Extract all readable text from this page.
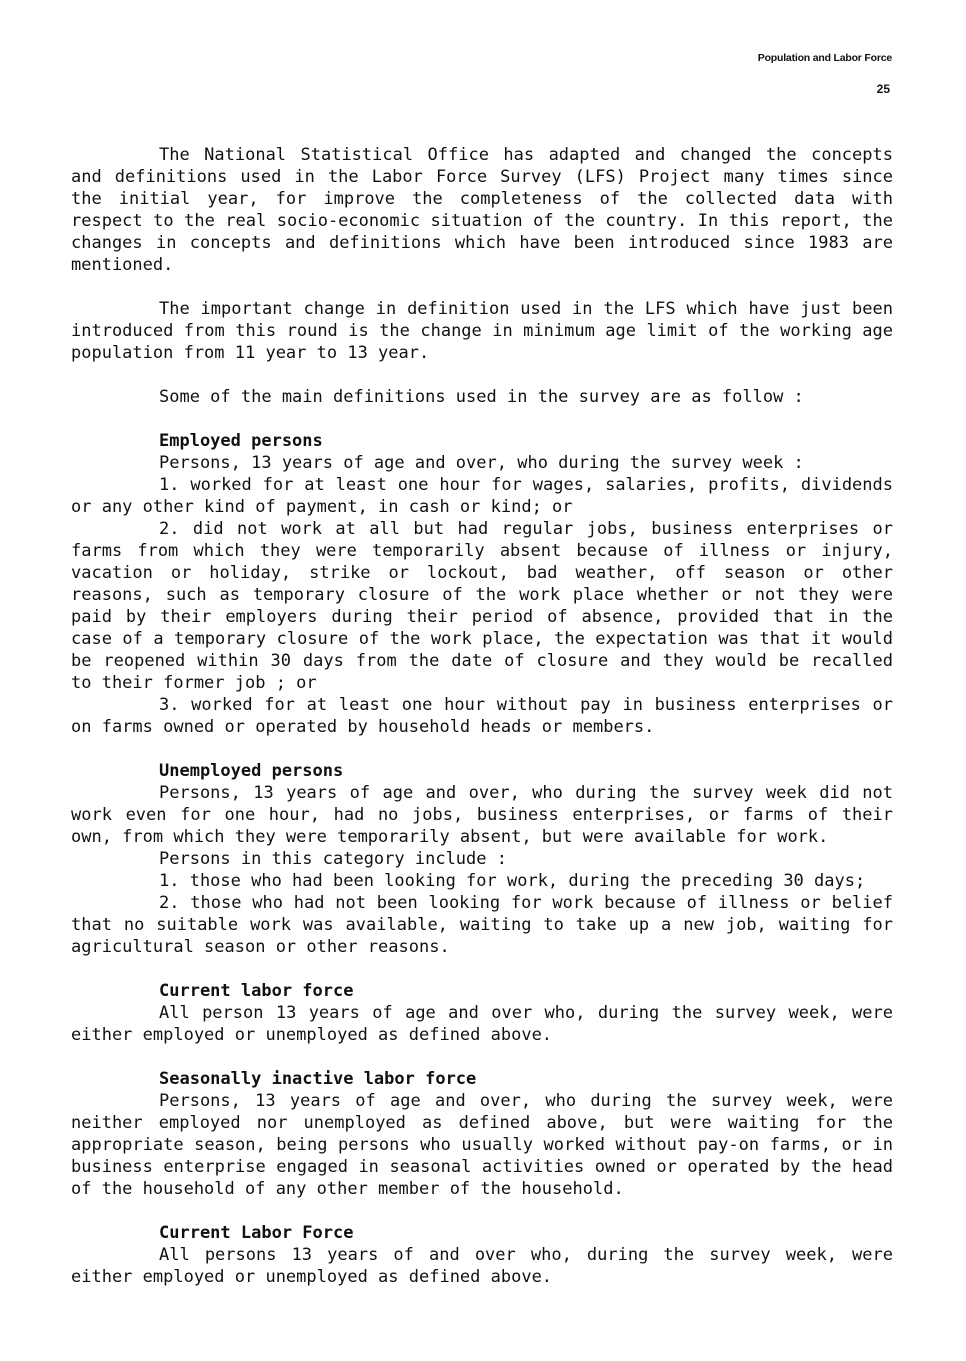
Population and Labor Force
25

The National Statistical Office has adapted and changed the concepts and definitions used in the Labor Force Survey (LFS) Project many times since the initial year, for improve the completeness of the collected data with respect to the real socio-economic situation of the country. In this report, the changes in concepts and definitions which have been introduced since 1983 are mentioned.

The important change in definition used in the LFS which have just been introduced from this round is the change in minimum age limit of the working age population from 11 year to 13 year.

Some of the main definitions used in the survey are as follow :

Employed persons

Persons, 13 years of age and over, who during the survey week :

1. worked for at least one hour for wages, salaries, profits, dividends or any other kind of payment, in cash or kind; or

2. did not work at all but had regular jobs, business enterprises or farms from which they were temporarily absent because of illness or injury, vacation or holiday, strike or lockout, bad weather, off season or other reasons, such as temporary closure of the work place whether or not they were paid by their employers during their period of absence, provided that in the case of a temporary closure of the work place, the expectation was that it would be reopened within 30 days from the date of closure and they would be recalled to their former job ; or

3. worked for at least one hour without pay in business enterprises or on farms owned or operated by household heads or members.

Unemployed persons

Persons, 13 years of age and over, who during the survey week did not work even for one hour, had no jobs, business enterprises, or farms of their own, from which they were temporarily absent, but were available for work.

Persons in this category include :

1. those who had been looking for work, during the preceding 30 days;

2. those who had not been looking for work because of illness or belief that no suitable work was available, waiting to take up a new job, waiting for agricultural season or other reasons.

Current labor force

All person 13 years of age and over who, during the survey week, were either employed or unemployed as defined above.

Seasonally inactive labor force

Persons, 13 years of age and over, who during the survey week, were neither employed nor unemployed as defined above, but were waiting for the appropriate season, being persons who usually worked without pay-on farms, or in business enterprise engaged in seasonal activities owned or operated by the head of the household of any other member of the household.

Current Labor Force

All persons 13 years of and over who, during the survey week, were either employed or unemployed as defined above.
